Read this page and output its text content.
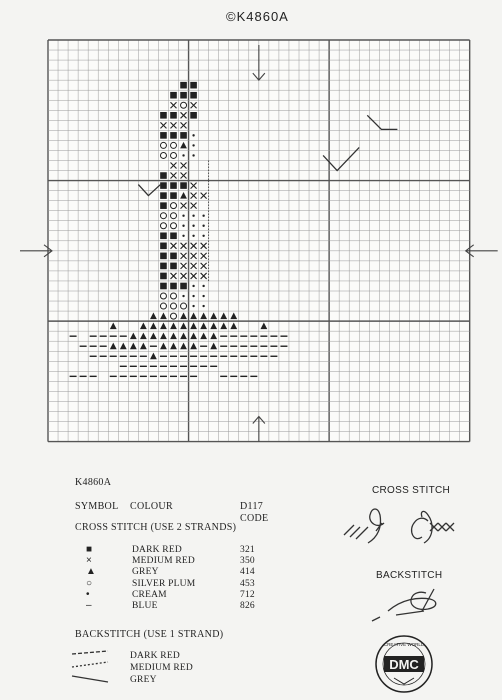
©K4860A
K4860A
SYMBOL COLOUR	D117
CODE
CROSS STITCH (USE 2 STRANDS)
■	DARK RED	321
×	MEDIUM RED	350
▲	GREY	414
○	SILVER PLUM	453
•	CREAM	712
–	BLUE	826
BACKSTITCH (USE 1 STRAND)
DARK RED
MEDIUM RED
GREY
CROSS STITCH
BACKSTITCH
CREATIVE WORLD
DMC
